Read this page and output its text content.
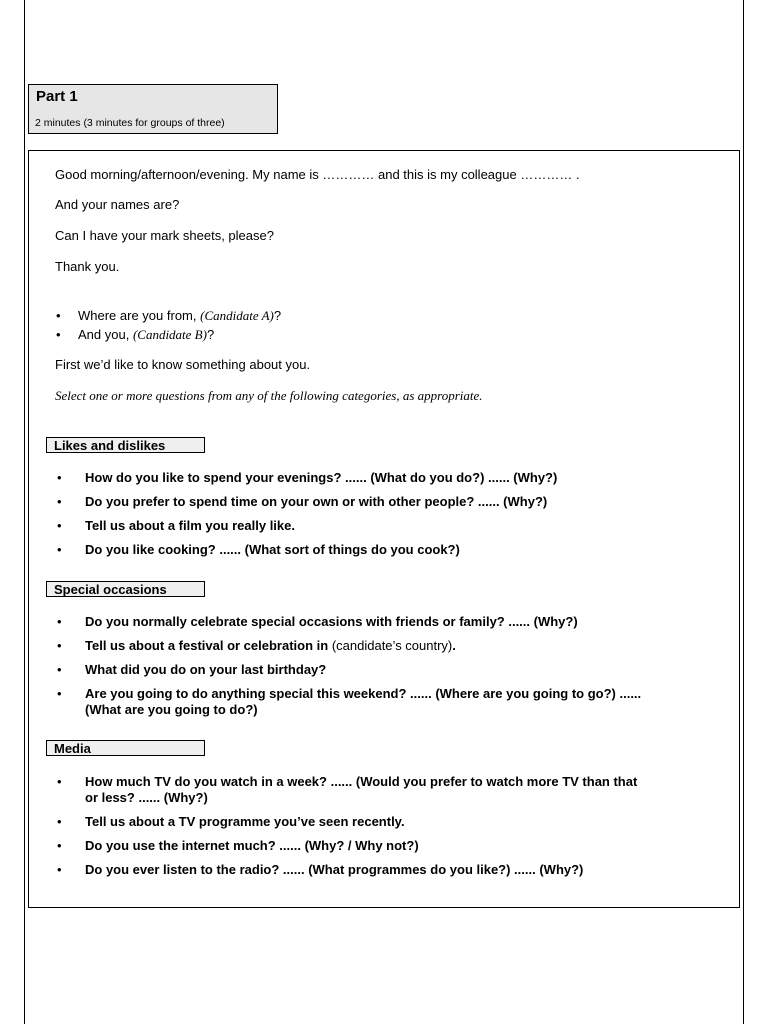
Part 1
2 minutes (3 minutes for groups of three)
Good morning/afternoon/evening. My name is ………… and this is my colleague ………… .
And your names are?
Can I have your mark sheets, please?
Thank you.
• Where are you from, (Candidate A)?
• And you, (Candidate B)?
First we’d like to know something about you.
Select one or more questions from any of the following categories, as appropriate.
Likes and dislikes
• How do you like to spend your evenings? ...... (What do you do?) ...... (Why?)
• Do you prefer to spend time on your own or with other people? ...... (Why?)
• Tell us about a film you really like.
• Do you like cooking? ...... (What sort of things do you cook?)
Special occasions
• Do you normally celebrate special occasions with friends or family? ...... (Why?)
• Tell us about a festival or celebration in (candidate’s country).
• What did you do on your last birthday?
• Are you going to do anything special this weekend? ...... (Where are you going to go?) ......
(What are you going to do?)
Media
• How much TV do you watch in a week? ...... (Would you prefer to watch more TV than that
or less? ...... (Why?)
• Tell us about a TV programme you’ve seen recently.
• Do you use the internet much? ...... (Why? / Why not?)
• Do you ever listen to the radio? ...... (What programmes do you like?) ...... (Why?)
